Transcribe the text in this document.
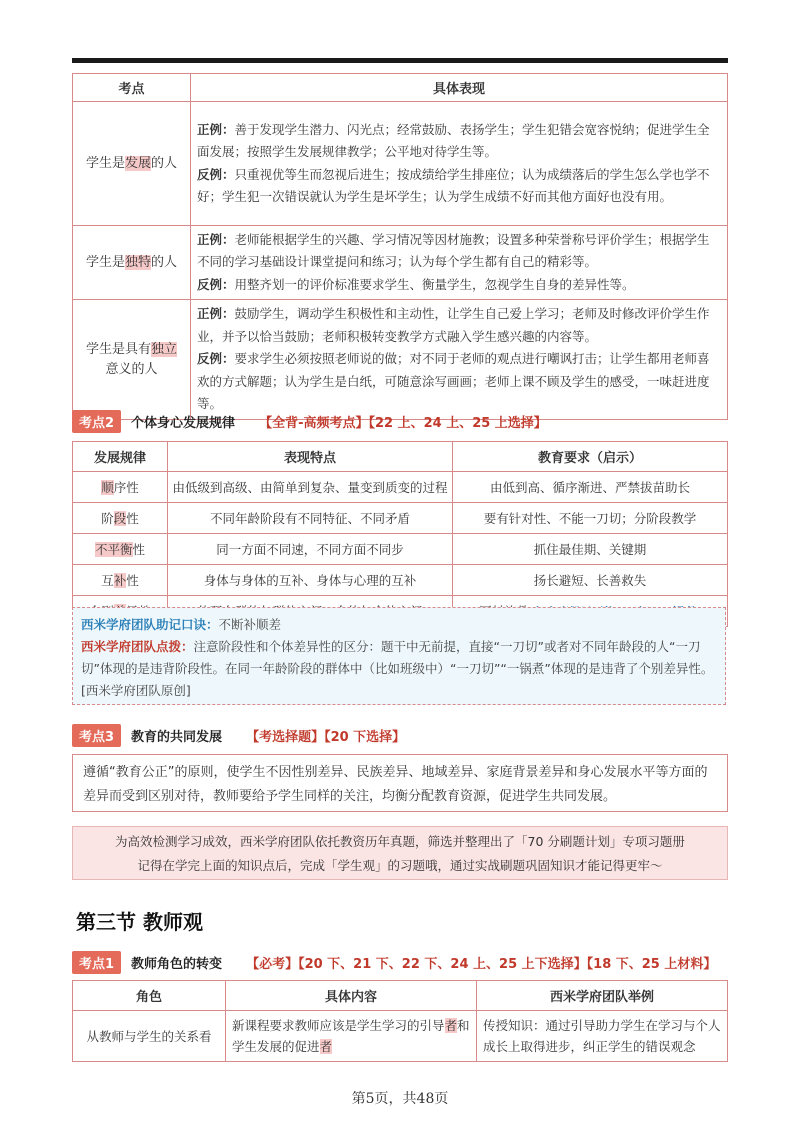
考点	具体表现
学生是发展的人	正例：善于发现学生潜力、闪光点；经常鼓励、表扬学生；学生犯错会宽容悦纳；促进学生全面发展；按照学生发展规律教学；公平地对待学生等。
反例：只重视优等生而忽视后进生；按成绩给学生排座位；认为成绩落后的学生怎么学也学不好；学生犯一次错误就认为学生是坏学生；认为学生成绩不好而其他方面好也没有用。
学生是独特的人	正例：老师能根据学生的兴趣、学习情况等因材施教；设置多种荣誉称号评价学生；根据学生不同的学习基础设计课堂提问和练习；认为每个学生都有自己的精彩等。
反例：用整齐划一的评价标准要求学生、衡量学生，忽视学生自身的差异性等。
学生是具有独立
意义的人	正例：鼓励学生，调动学生积极性和主动性，让学生自己爱上学习；老师及时修改评价学生作业，并予以恰当鼓励；老师积极转变教学方式融入学生感兴趣的内容等。
反例：要求学生必须按照老师说的做；对不同于老师的观点进行嘲讽打击；让学生都用老师喜欢的方式解题；认为学生是白纸，可随意涂写画画；老师上课不顾及学生的感受，一味赶进度等。
考点2	个体身心发展规律 【全背-高频考点】【22 上、24 上、25 上选择】
发展规律	表现特点	教育要求（启示）
顺序性	由低级到高级、由简单到复杂、量变到质变的过程	由低到高、循序渐进、严禁拔苗助长
阶段性	不同年龄阶段有不同特征、不同矛盾	要有针对性、不能一刀切；分阶段教学
不平衡性	同一方面不同速，不同方面不同步	抓住最佳期、关键期
互补性	身体与身体的互补、身体与心理的互补	扬长避短、长善救失

西米学府团队助记口诀：不断补顺差
西米学府团队点拨：注意阶段性和个体差异性的区分：题干中无前提，直接“一刀切”或者对不同年龄段的人“一刀切”体现的是违背阶段性。在同一年龄阶段的群体中（比如班级中）“一刀切”“一锅煮”体现的是违背了个别差异性。[西米学府团队原创]
考点3	教育的共同发展 【考选择题】【20 下选择】
遵循“教育公正”的原则，使学生不因性别差异、民族差异、地域差异、家庭背景差异和身心发展水平等方面的差异而受到区别对待，教师要给予学生同样的关注，均衡分配教育资源，促进学生共同发展。
为高效检测学习成效，西米学府团队依托教资历年真题，筛选并整理出了「70 分刷题计划」专项习题册
记得在学完上面的知识点后，完成「学生观」的习题哦，通过实战刷题巩固知识才能记得更牢～
第三节 教师观
考点1	教师角色的转变 【必考】【20 下、21 下、22 下、24 上、25 上下选择】【18 下、25 上材料】
角色	具体内容	西米学府团队举例
从教师与学生的关系看	新课程要求教师应该是学生学习的引导者和学生发展的促进者	传授知识：通过引导助力学生在学习与个人成长上取得进步，纠正学生的错误观念
第5页，共48页
